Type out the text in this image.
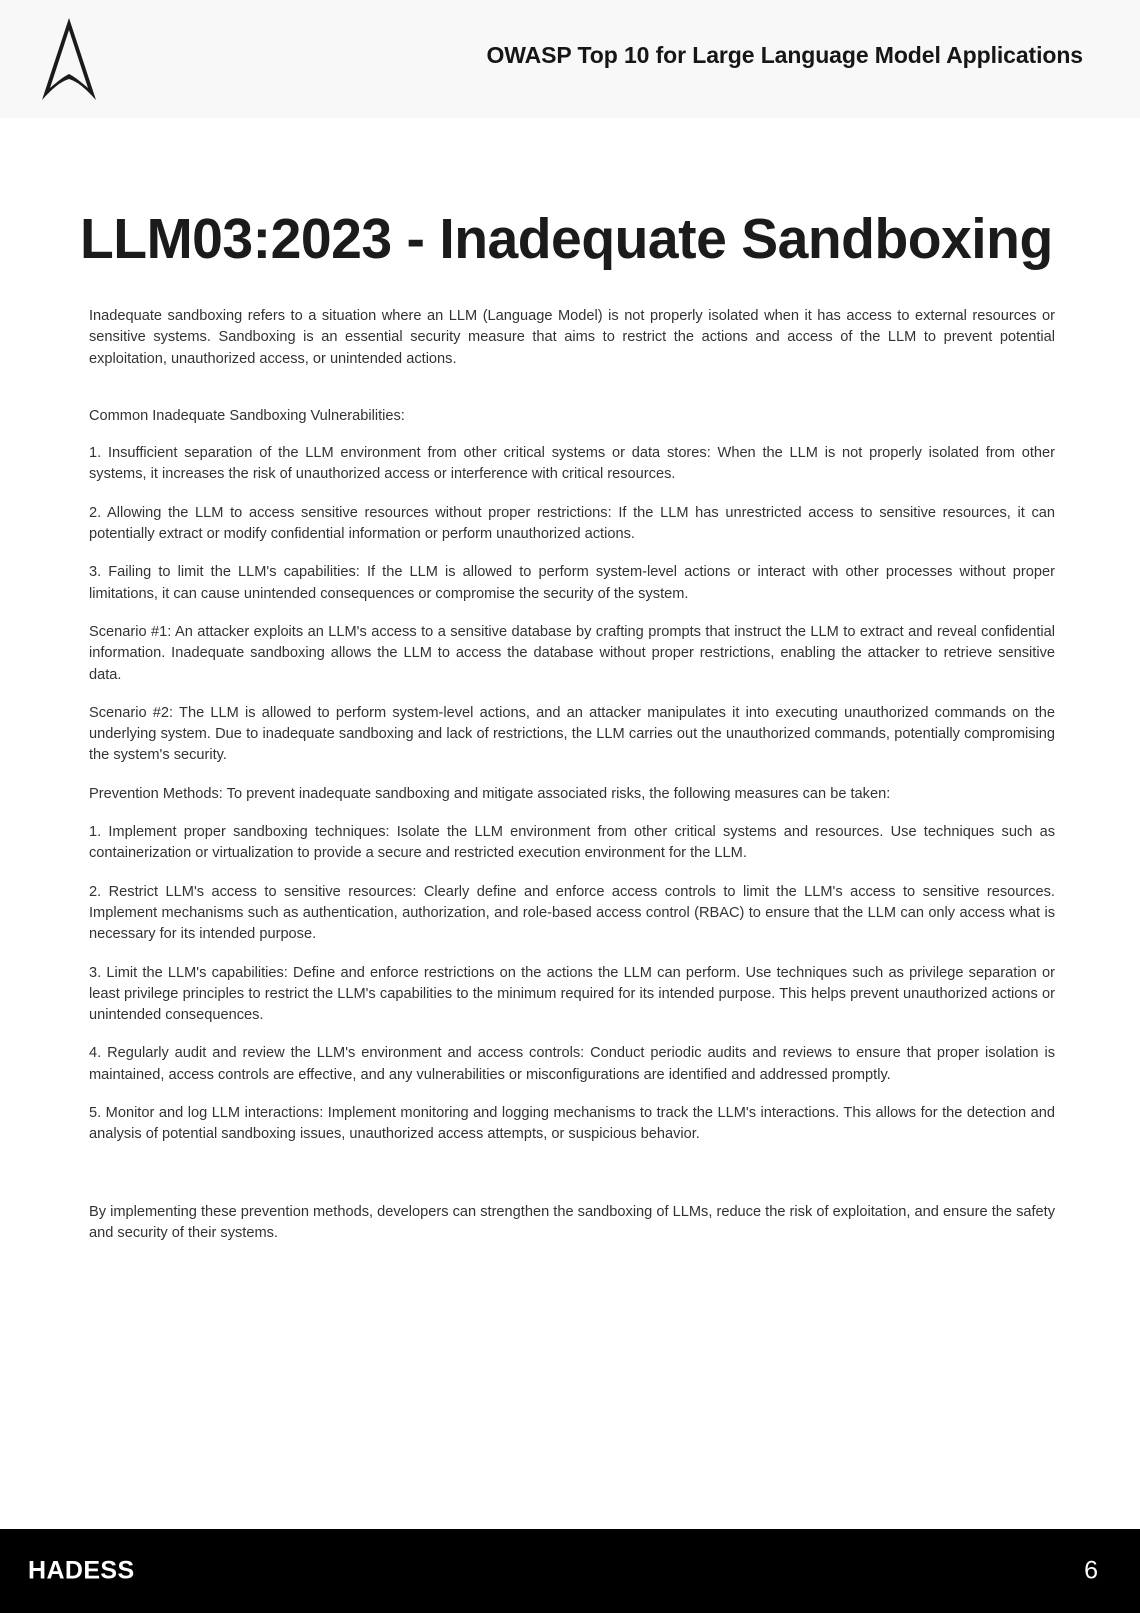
OWASP Top 10 for Large Language Model Applications
LLM03:2023 - Inadequate Sandboxing

Inadequate sandboxing refers to a situation where an LLM (Language Model) is not properly isolated when it has access to external resources or sensitive systems. Sandboxing is an essential security measure that aims to restrict the actions and access of the LLM to prevent potential exploitation, unauthorized access, or unintended actions.

Common Inadequate Sandboxing Vulnerabilities:

1. Insufficient separation of the LLM environment from other critical systems or data stores: When the LLM is not properly isolated from other systems, it increases the risk of unauthorized access or interference with critical resources.

2. Allowing the LLM to access sensitive resources without proper restrictions: If the LLM has unrestricted access to sensitive resources, it can potentially extract or modify confidential information or perform unauthorized actions.

3. Failing to limit the LLM's capabilities: If the LLM is allowed to perform system-level actions or interact with other processes without proper limitations, it can cause unintended consequences or compromise the security of the system.

Scenario #1: An attacker exploits an LLM's access to a sensitive database by crafting prompts that instruct the LLM to extract and reveal confidential information. Inadequate sandboxing allows the LLM to access the database without proper restrictions, enabling the attacker to retrieve sensitive data.

Scenario #2: The LLM is allowed to perform system-level actions, and an attacker manipulates it into executing unauthorized commands on the underlying system. Due to inadequate sandboxing and lack of restrictions, the LLM carries out the unauthorized commands, potentially compromising the system's security.

Prevention Methods: To prevent inadequate sandboxing and mitigate associated risks, the following measures can be taken:

1. Implement proper sandboxing techniques: Isolate the LLM environment from other critical systems and resources. Use techniques such as containerization or virtualization to provide a secure and restricted execution environment for the LLM.

2. Restrict LLM's access to sensitive resources: Clearly define and enforce access controls to limit the LLM's access to sensitive resources. Implement mechanisms such as authentication, authorization, and role-based access control (RBAC) to ensure that the LLM can only access what is necessary for its intended purpose.

3. Limit the LLM's capabilities: Define and enforce restrictions on the actions the LLM can perform. Use techniques such as privilege separation or least privilege principles to restrict the LLM's capabilities to the minimum required for its intended purpose. This helps prevent unauthorized actions or unintended consequences.

4. Regularly audit and review the LLM's environment and access controls: Conduct periodic audits and reviews to ensure that proper isolation is maintained, access controls are effective, and any vulnerabilities or misconfigurations are identified and addressed promptly.

5. Monitor and log LLM interactions: Implement monitoring and logging mechanisms to track the LLM's interactions. This allows for the detection and analysis of potential sandboxing issues, unauthorized access attempts, or suspicious behavior.

By implementing these prevention methods, developers can strengthen the sandboxing of LLMs, reduce the risk of exploitation, and ensure the safety and security of their systems.

HADESS	6
